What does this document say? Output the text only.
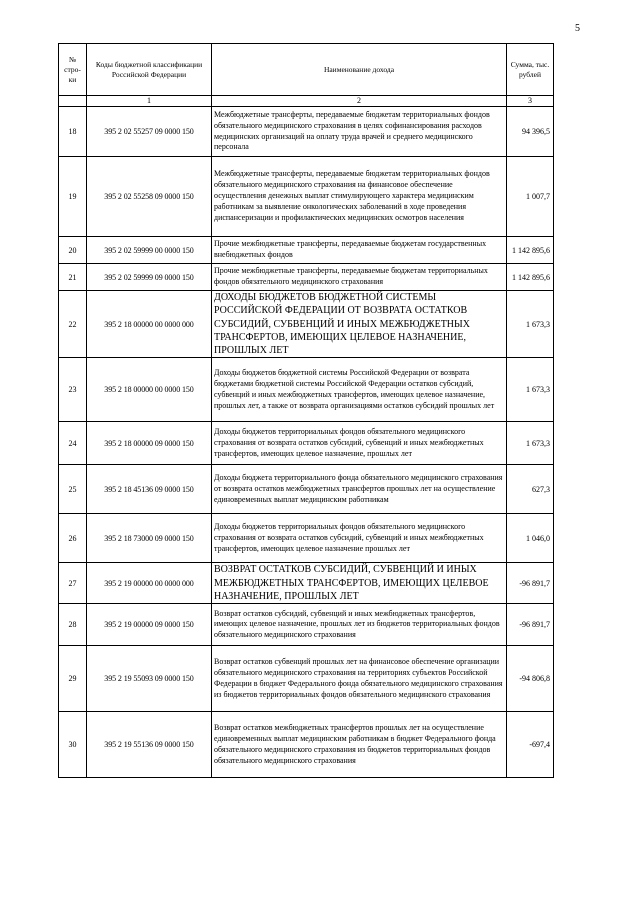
5
№ стро-ки	Коды бюджетной классификации Российской Федерации	Наименование дохода	Сумма, тыс. рублей
	1	2	3
18	395 2 02 55257 09 0000 150	Межбюджетные трансферты, передаваемые бюджетам территориальных фондов обязательного медицинского страхования в целях софинансирования расходов медицинских организаций на оплату труда врачей и среднего медицинского персонала	94 396,5
19	395 2 02 55258 09 0000 150	Межбюджетные трансферты, передаваемые бюджетам территориальных фондов обязательного медицинского страхования на финансовое обеспечение осуществления денежных выплат стимулирующего характера медицинским работникам за выявление онкологических заболеваний в ходе проведения диспансеризации и профилактических медицинских осмотров населения	1 007,7
20	395 2 02 59999 00 0000 150	Прочие межбюджетные трансферты, передаваемые бюджетам государственных внебюджетных фондов	1 142 895,6
21	395 2 02 59999 09 0000 150	Прочие межбюджетные трансферты, передаваемые бюджетам территориальных фондов обязательного медицинского страхования	1 142 895,6
22	395 2 18 00000 00 0000 000	ДОХОДЫ БЮДЖЕТОВ БЮДЖЕТНОЙ СИСТЕМЫ РОССИЙСКОЙ ФЕДЕРАЦИИ ОТ ВОЗВРАТА ОСТАТКОВ СУБСИДИЙ, СУБВЕНЦИЙ И ИНЫХ МЕЖБЮДЖЕТНЫХ ТРАНСФЕРТОВ, ИМЕЮЩИХ ЦЕЛЕВОЕ НАЗНАЧЕНИЕ, ПРОШЛЫХ ЛЕТ	1 673,3
23	395 2 18 00000 00 0000 150	Доходы бюджетов бюджетной системы Российской Федерации от возврата бюджетами бюджетной системы Российской Федерации остатков субсидий, субвенций и иных межбюджетных трансфертов, имеющих целевое назначение, прошлых лет, а также от возврата организациями остатков субсидий прошлых лет	1 673,3
24	395 2 18 00000 09 0000 150	Доходы бюджетов территориальных фондов обязательного медицинского страхования от возврата остатков субсидий, субвенций и иных межбюджетных трансфертов, имеющих целевое назначение, прошлых лет	1 673,3
25	395 2 18 45136 09 0000 150	Доходы бюджета территориального фонда обязательного медицинского страхования от возврата остатков межбюджетных трансфертов прошлых лет на осуществление единовременных выплат медицинским работникам	627,3
26	395 2 18 73000 09 0000 150	Доходы бюджетов территориальных фондов обязательного медицинского страхования от возврата остатков субсидий, субвенций и иных межбюджетных трансфертов, имеющих целевое назначение прошлых лет	1 046,0
27	395 2 19 00000 00 0000 000	ВОЗВРАТ ОСТАТКОВ СУБСИДИЙ, СУБВЕНЦИЙ И ИНЫХ МЕЖБЮДЖЕТНЫХ ТРАНСФЕРТОВ, ИМЕЮЩИХ ЦЕЛЕВОЕ НАЗНАЧЕНИЕ, ПРОШЛЫХ ЛЕТ	-96 891,7
28	395 2 19 00000 09 0000 150	Возврат остатков субсидий, субвенций и иных межбюджетных трансфертов, имеющих целевое назначение, прошлых лет из бюджетов территориальных фондов обязательного медицинского страхования	-96 891,7
29	395 2 19 55093 09 0000 150	Возврат остатков субвенций прошлых лет на финансовое обеспечение организации обязательного медицинского страхования на территориях субъектов Российской Федерации в бюджет Федерального фонда обязательного медицинского страхования из бюджетов территориальных фондов обязательного медицинского страхования	-94 806,8
30	395 2 19 55136 09 0000 150	Возврат остатков межбюджетных трансфертов прошлых лет на осуществление единовременных выплат медицинским работникам в бюджет Федерального фонда обязательного медицинского страхования из бюджетов территориальных фондов обязательного медицинского страхования	-697,4
